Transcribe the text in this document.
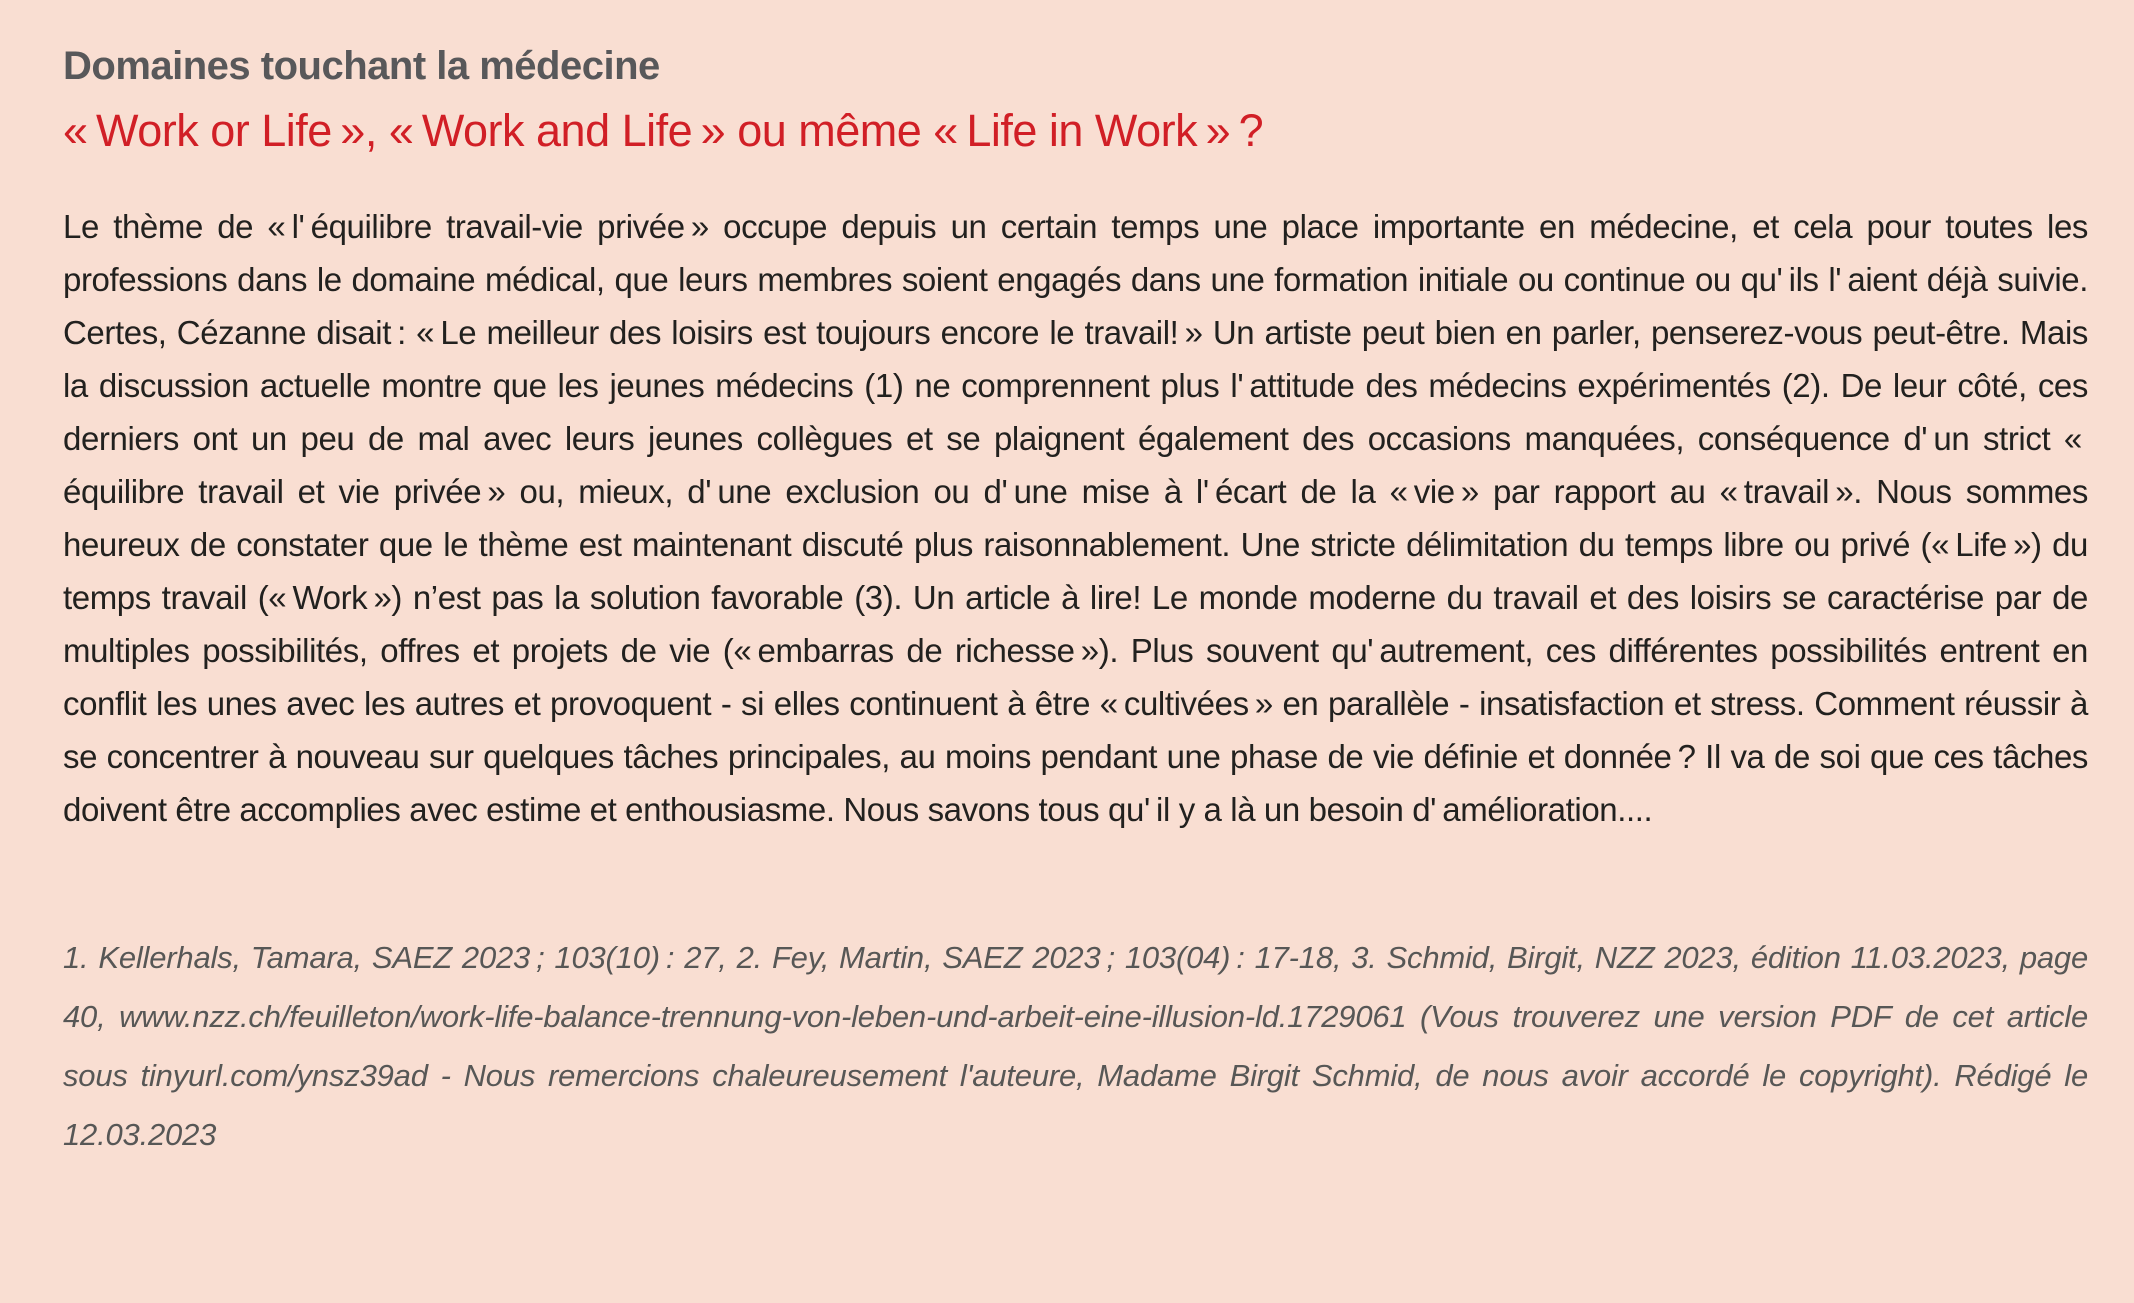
Domaines touchant la médecine
« Work or Life », « Work and Life » ou même « Life in Work » ?

Le thème de « l' équilibre travail-vie privée » occupe depuis un certain temps une place importante en médecine, et cela pour toutes les professions dans le domaine médical, que leurs membres soient engagés dans une formation initiale ou continue ou qu' ils l' aient déjà suivie. Certes, Cézanne disait : « Le meilleur des loisirs est toujours encore le travail! » Un artiste peut bien en parler, penserez-vous peut-être. Mais la discussion actuelle montre que les jeunes médecins (1) ne comprennent plus l' attitude des médecins expérimentés (2). De leur côté, ces derniers ont un peu de mal avec leurs jeunes collègues et se plaignent également des occasions manquées, conséquence d' un strict « équilibre travail et vie privée » ou, mieux, d' une exclusion ou d' une mise à l' écart de la « vie » par rapport au « travail ». Nous sommes heureux de constater que le thème est maintenant discuté plus raisonnablement. Une stricte délimitation du temps libre ou privé (« Life ») du temps travail (« Work ») n’est pas la solution favorable (3). Un article à lire! Le monde moderne du travail et des loisirs se caractérise par de multiples possibilités, offres et projets de vie (« embarras de richesse »). Plus souvent qu' autrement, ces différentes possibilités entrent en conflit les unes avec les autres et provoquent - si elles continuent à être « cultivées » en parallèle - insatisfaction et stress. Comment réussir à se concentrer à nouveau sur quelques tâches principales, au moins pendant une phase de vie définie et donnée ? Il va de soi que ces tâches doivent être accomplies avec estime et enthousiasme. Nous savons tous qu' il y a là un besoin d' amélioration....

1. Kellerhals, Tamara, SAEZ 2023 ; 103(10) : 27, 2. Fey, Martin, SAEZ 2023 ; 103(04) : 17-18, 3. Schmid, Birgit, NZZ 2023, édition 11.03.2023, page 40, www.nzz.ch/feuilleton/work-life-balance-trennung-von-leben-und-arbeit-eine-illusion-ld.1729061 (Vous trouverez une version PDF de cet article sous tinyurl.com/ynsz39ad - Nous remercions chaleureusement l'auteure, Madame Birgit Schmid, de nous avoir accordé le copyright). Rédigé le 12.03.2023
